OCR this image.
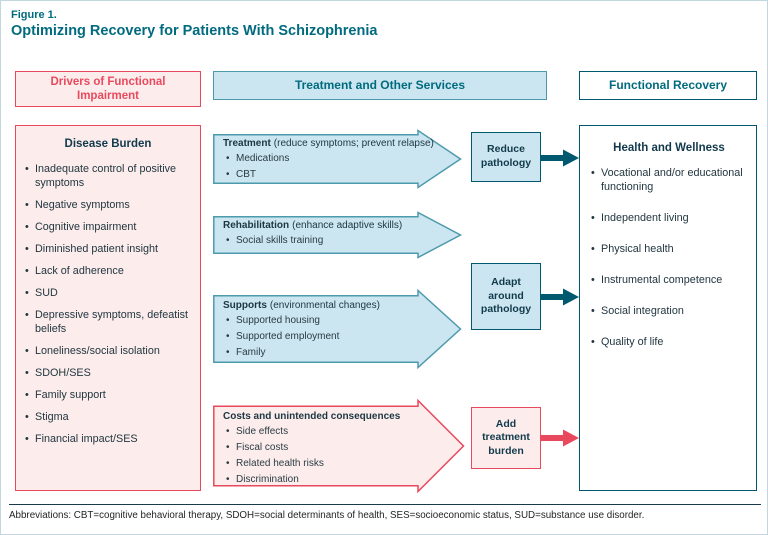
Figure 1.
Optimizing Recovery for Patients With Schizophrenia
Drivers of Functional Impairment
Treatment and Other Services	Functional Recovery
Disease Burden
• Inadequate control of positive symptoms
• Negative symptoms
• Cognitive impairment
• Diminished patient insight
• Lack of adherence
• SUD
• Depressive symptoms, defeatist beliefs
• Loneliness/social isolation
• SDOH/SES
• Family support
• Stigma
• Financial impact/SES
Treatment (reduce symptoms; prevent relapse)
• Medications
• CBT
Rehabilitation (enhance adaptive skills)
• Social skills training
Supports (environmental changes)
• Supported housing
• Supported employment
• Family
Costs and unintended consequences
• Side effects
• Fiscal costs
• Related health risks
• Discrimination
Reduce pathology
Adapt around pathology
Add treatment burden
Health and Wellness
• Vocational and/or educational functioning
• Independent living
• Physical health
• Instrumental competence
• Social integration
• Quality of life
Abbreviations: CBT=cognitive behavioral therapy, SDOH=social determinants of health, SES=socioeconomic status, SUD=substance use disorder.
